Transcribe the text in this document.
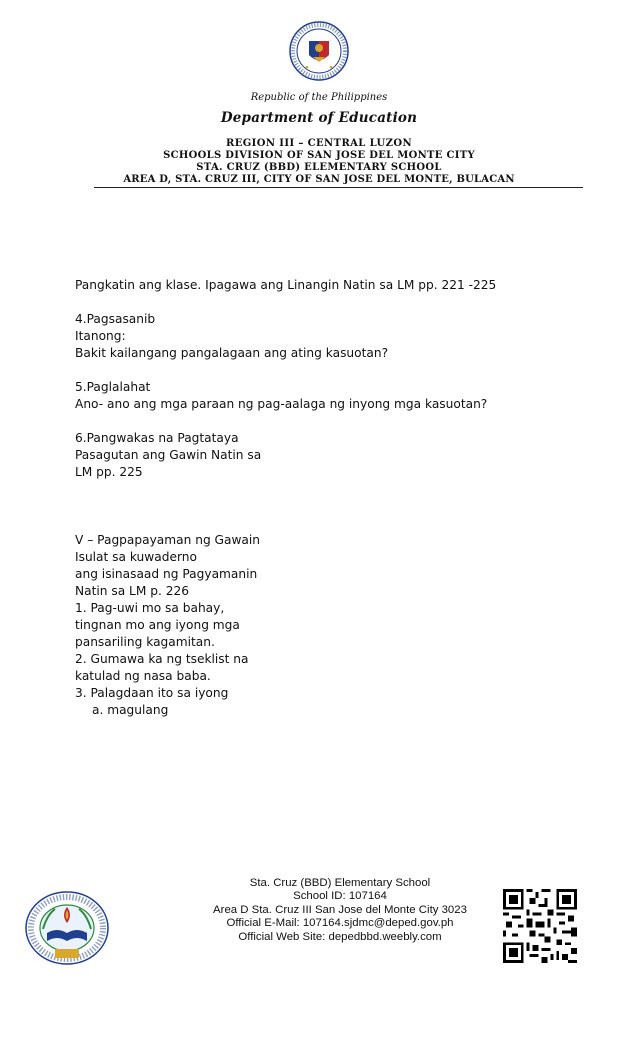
Republic of the Philippines
Department of Education
REGION III – CENTRAL LUZON
SCHOOLS DIVISION OF SAN JOSE DEL MONTE CITY
STA. CRUZ (BBD) ELEMENTARY SCHOOL
AREA D, STA. CRUZ III, CITY OF SAN JOSE DEL MONTE, BULACAN
Pangkatin ang klase. Ipagawa ang Linangin Natin sa LM pp. 221 -225
4.Pagsasanib
Itanong:
Bakit kailangang pangalagaan ang ating kasuotan?
5.Paglalahat
Ano- ano ang mga paraan ng pag-aalaga ng inyong mga kasuotan?
6.Pangwakas na Pagtataya
Pasagutan ang Gawin Natin sa
LM pp. 225
V – Pagpapayaman ng Gawain
Isulat sa kuwaderno
ang isinasaad ng Pagyamanin
Natin sa LM p. 226
1. Pag-uwi mo sa bahay,
tingnan mo ang iyong mga
pansariling kagamitan.
2. Gumawa ka ng tseklist na
katulad ng nasa baba.
3. Palagdaan ito sa iyong
a. magulang
Sta. Cruz (BBD) Elementary School
School ID: 107164
Area D Sta. Cruz III San Jose del Monte City 3023
Official E-Mail: 107164.sjdmc@deped.gov.ph
Official Web Site: depedbbd.weebly.com
